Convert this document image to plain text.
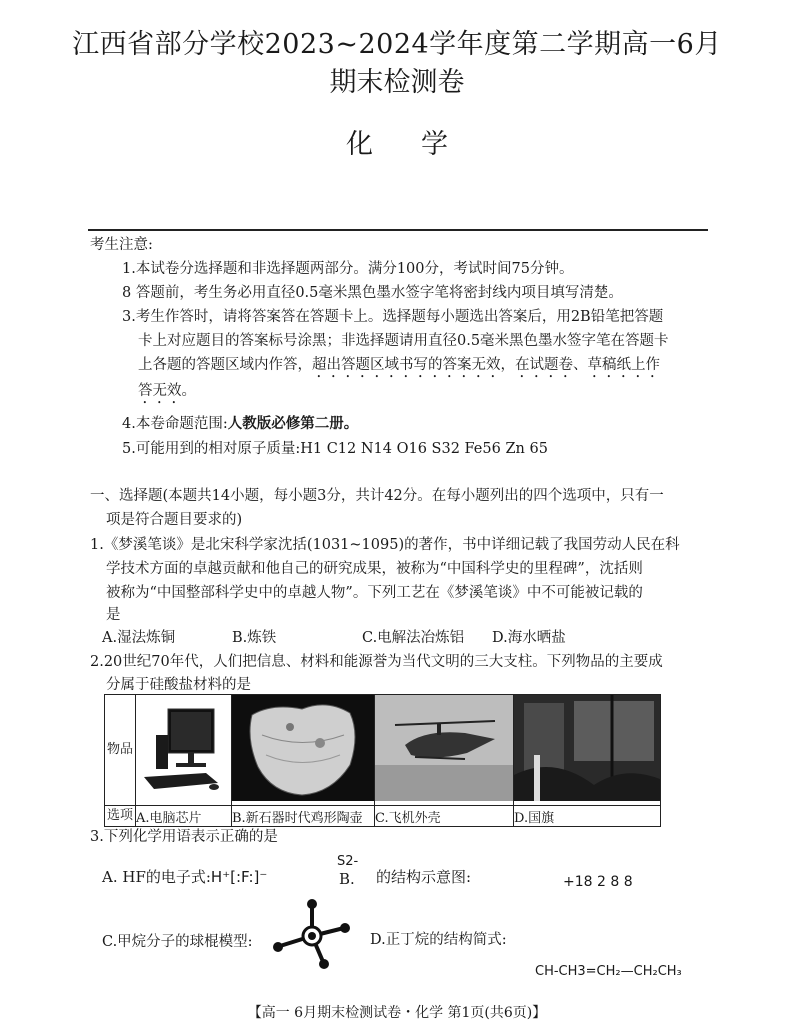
江西省部分学校2023~2024学年度第二学期高一6月
期末检测卷
化学
考生注意:
1.本试卷分选择题和非选择题两部分。满分100分，考试时间75分钟。
8 答题前，考生务必用直径0.5毫米黑色墨水签字笔将密封线内项目填写清楚。
3.考生作答时，请将答案答在答题卡上。选择题每小题选出答案后，用2B铅笔把答题
卡上对应题目的答案标号涂黑；非选择题请用直径0.5毫米黑色墨水签字笔在答题卡
上各题的答题区域内作答，超出答题区域书写的答案无效，在试题卷、草稿纸上作
答无效。
4.本卷命题范围:人教版必修第二册。
5.可能用到的相对原子质量:H1 C12 N14 O16 S32 Fe56 Zn 65
一、选择题(本题共14小题，每小题3分，共计42分。在每小题列出的四个选项中，只有一
项是符合题目要求的)
1.《梦溪笔谈》是北宋科学家沈括(1031~1095)的著作，书中详细记载了我国劳动人民在科
学技术方面的卓越贡献和他自己的研究成果，被称为“中国科学史的里程碑”，沈括则
被称为“中国整部科学史中的卓越人物”。下列工艺在《梦溪笔谈》中不可能被记载的
是
A.湿法炼铜	B.炼铁	C.电解法冶炼铝 D.海水晒盐
2.20世纪70年代，人们把信息、材料和能源誉为当代文明的三大支柱。下列物品的主要成
分属于硅酸盐材料的是
物品	

选项	A.电脑芯片	B.新石器时代鸡形陶壶	C.飞机外壳	D.国旗
3.下列化学用语表示正确的是
A. HF的电子式:H⁺[:F:]⁻
S2-
B. 的结构示意图:	+18 2 8 8
C.甲烷分子的球棍模型:	D.正丁烷的结构简式:
CH-CH3=CH₂—CH₂CH₃
【高一 6月期末检测试卷・化学 第1页(共6页)】
